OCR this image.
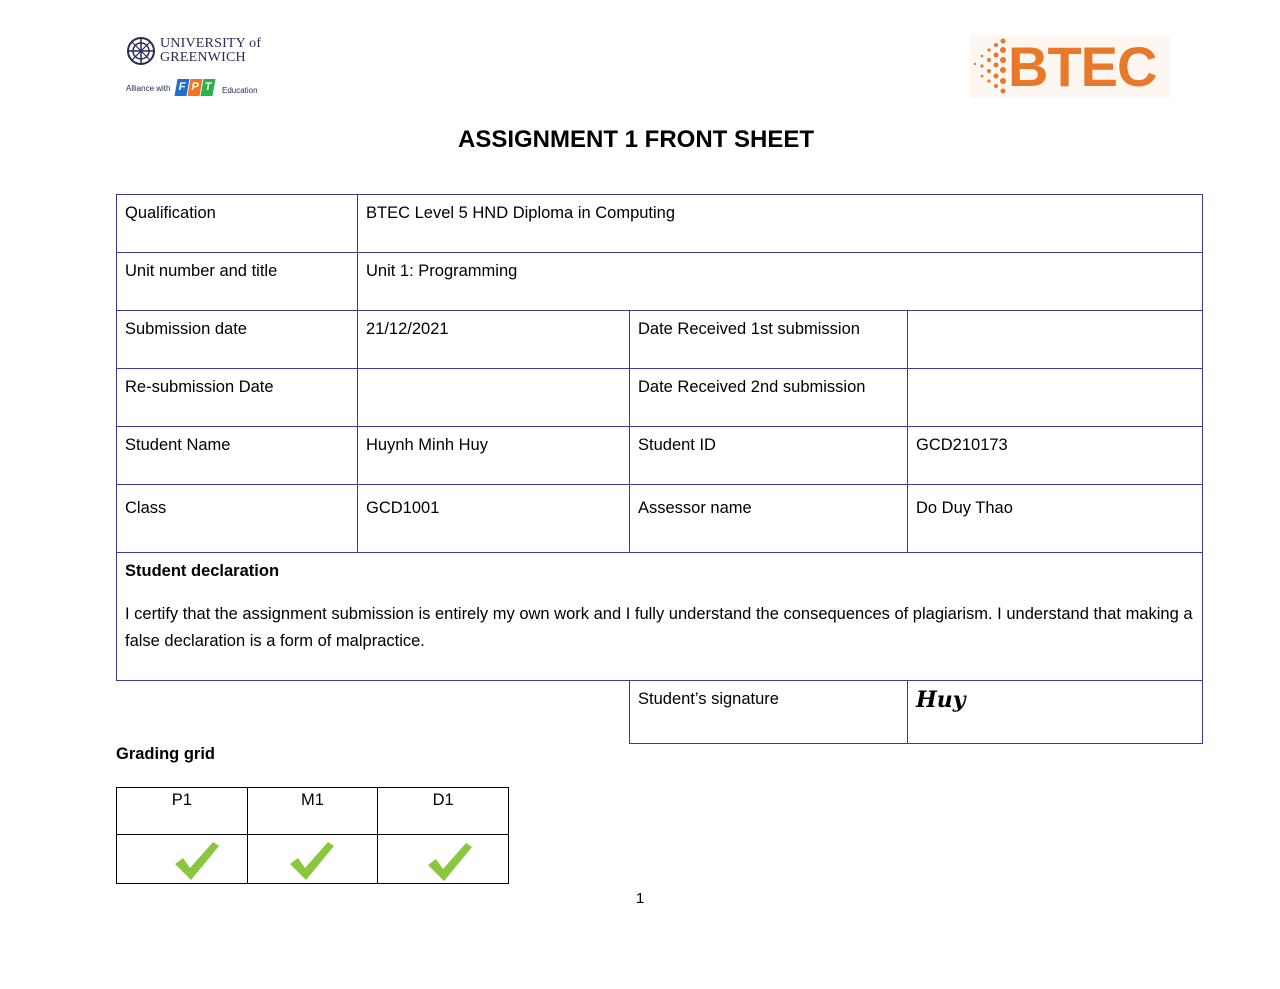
UNIVERSITY of
GREENWICH
Alliance with F P T	Education	BTEC
ASSIGNMENT 1 FRONT SHEET
Qualification	BTEC Level 5 HND Diploma in Computing		
Unit number and title	Unit 1: Programming		
Submission date	21/12/2021	Date Received 1st submission	
Re-submission Date		Date Received 2nd submission	
Student Name	Huynh Minh Huy	Student ID	GCD210173
Class	GCD1001	Assessor name	Do Duy Thao

Student declaration
I certify that the assignment submission is entirely my own work and I fully understand the consequences of plagiarism. I understand that making a false declaration is a form of malpractice.			

		Student’s signature	Huy
Grading grid
P1	M1	D1

1
